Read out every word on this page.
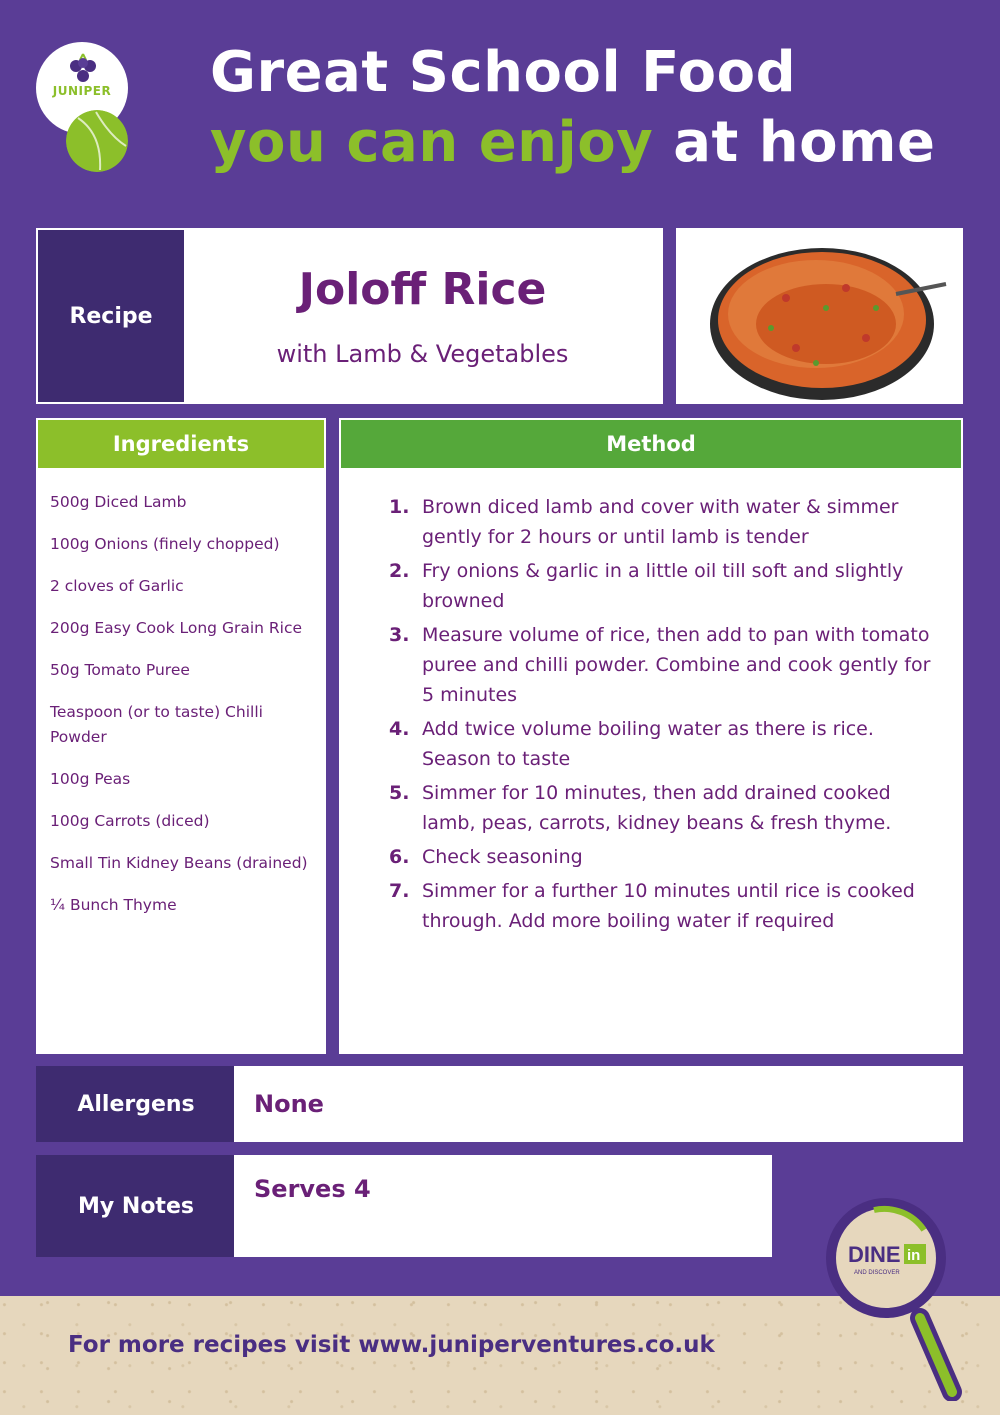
JUNIPER Great School Food
you can enjoy at home
Recipe
Joloff Rice
with Lamb & Vegetables
Ingredients
500g Diced Lamb
100g Onions (finely chopped)
2 cloves of Garlic
200g Easy Cook Long Grain Rice
50g Tomato Puree
Teaspoon (or to taste) Chilli Powder
100g Peas
100g Carrots (diced)
Small Tin Kidney Beans (drained)
¼ Bunch Thyme
Method
1. Brown diced lamb and cover with water & simmer gently for 2 hours or until lamb is tender
2. Fry onions & garlic in a little oil till soft and slightly browned
3. Measure volume of rice, then add to pan with tomato puree and chilli powder. Combine and cook gently for 5 minutes
4. Add twice volume boiling water as there is rice. Season to taste
5. Simmer for 10 minutes, then add drained cooked lamb, peas, carrots, kidney beans & fresh thyme.
6. Check seasoning
7. Simmer for a further 10 minutes until rice is cooked through. Add more boiling water if required
Allergens	None
My Notes
Serves 4
For more recipes visit www.juniperventures.co.uk
DINE in
AND DISCOVER
